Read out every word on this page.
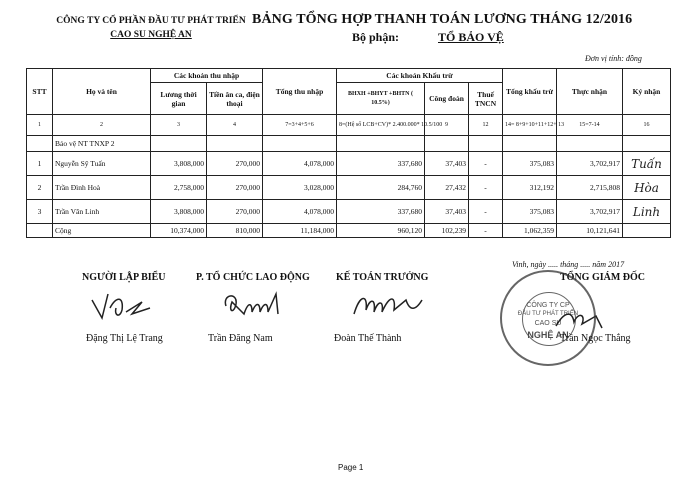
CÔNG TY CỔ PHẦN ĐẦU TƯ PHÁT TRIỂN
CAO SU NGHỆ AN
BẢNG TỔNG HỢP THANH TOÁN LƯƠNG THÁNG 12/2016
Bộ phận:	TỔ BẢO VỆ
Đơn vị tính: đồng
STT	Họ và tên	Các khoản thu nhập		Tổng thu nhập	Các khoản Khấu trừ			Tổng khấu trừ	Thực nhận	Ký nhận
		Lương thời gian	Tiền ăn ca, điện thoại		BHXH +BHYT +BHTN ( 10.5%)	Công đoàn	Thuế TNCN			
1	2	3	4	7=3+4+5+6	8=(Hệ số LCB+CV)* 2.400.000* 10.5/100	9	12	14= 8+9+10+11+12+ 13	15=7-14	16
	Bảo vệ NT TNXP 2									
1	Nguyễn Sỹ Tuấn	3,808,000	270,000	4,078,000	337,680	37,403	-	375,083	3,702,917	Tuấn
2	Trần Đình Hoà	2,758,000	270,000	3,028,000	284,760	27,432	-	312,192	2,715,808	Hòa
3	Trần Văn Linh	3,808,000	270,000	4,078,000	337,680	37,403	-	375,083	3,702,917	Linh
	Cộng	10,374,000	810,000	11,184,000	960,120	102,239	-	1,062,359	10,121,641	
NGƯỜI LẬP BIỂU	P. TỔ CHỨC LAO ĐỘNG	KẾ TOÁN TRƯỞNG
Vinh, ngày ..... tháng ..... năm 2017
TỔNG GIÁM ĐỐC
CÔNG TY CP
ĐẦU TƯ PHÁT TRIỂN
CAO SU
NGHỆ AN
Đặng Thị Lệ Trang	Trần Đăng Nam	Đoàn Thế Thành	Trần Ngọc Thắng
Page 1
